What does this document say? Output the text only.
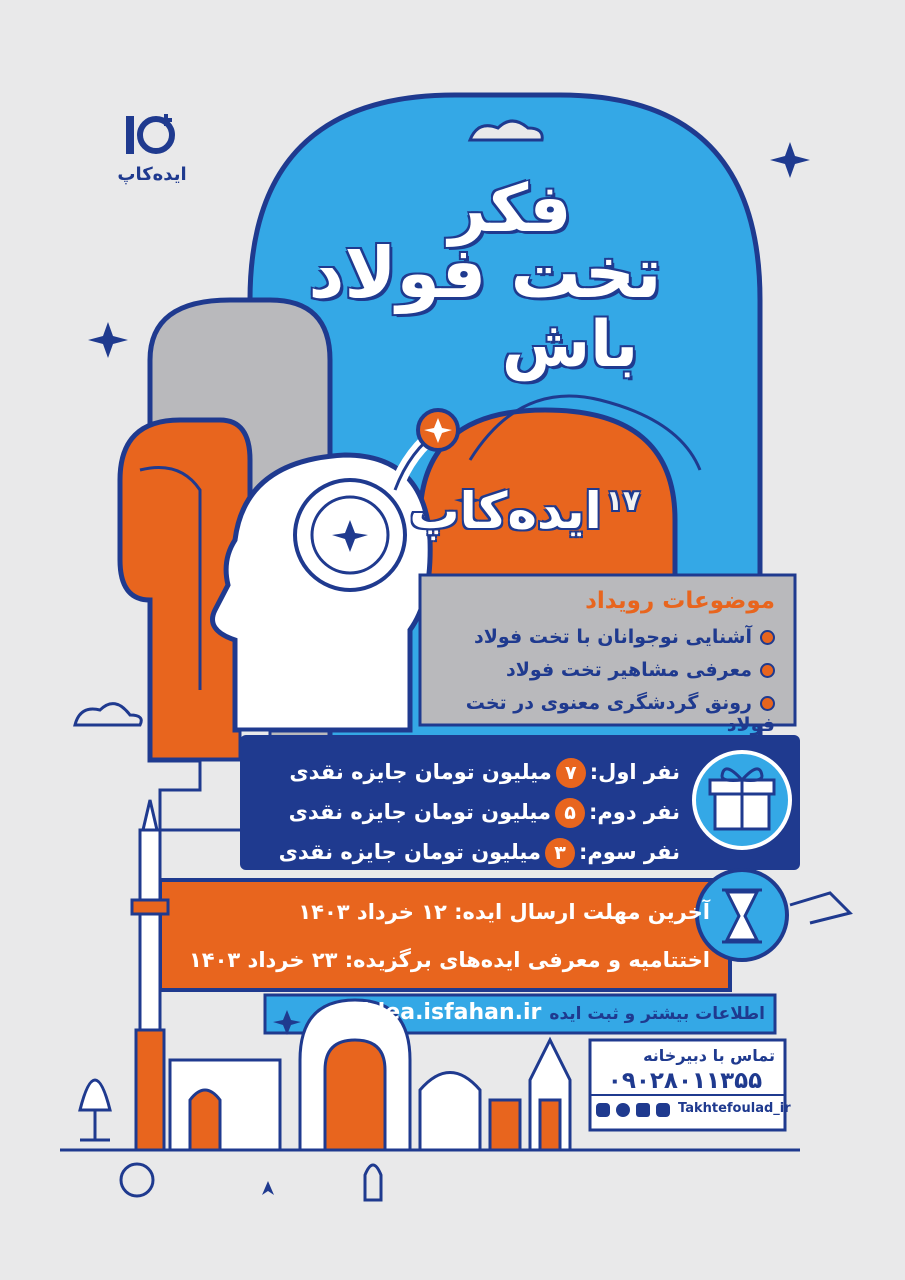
ایده‌کاپ	فکر
تخت فولاد
باش
$^{۱۷}$ایده‌کاپ
موضوعات رویداد
آشنایی نوجوانان با تخت فولاد
معرفی مشاهیر تخت فولاد
رونق گردشگری معنوی در تخت فولاد
نفر اول:۷میلیون تومان جایزه نقدی
نفر دوم:۵میلیون تومان جایزه نقدی
نفر سوم:۳میلیون تومان جایزه نقدی
آخرین مهلت ارسال ایده: ۱۲ خرداد ۱۴۰۳
اختتامیه و معرفی ایده‌های برگزیده: ۲۳ خرداد ۱۴۰۳
اطلاعات بیشتر و ثبت ایدهidea.isfahan.ir
تماس با دبیرخانه
۰۹۰۲۸۰۱۱۳۵۵
Takhtefoulad_ir
